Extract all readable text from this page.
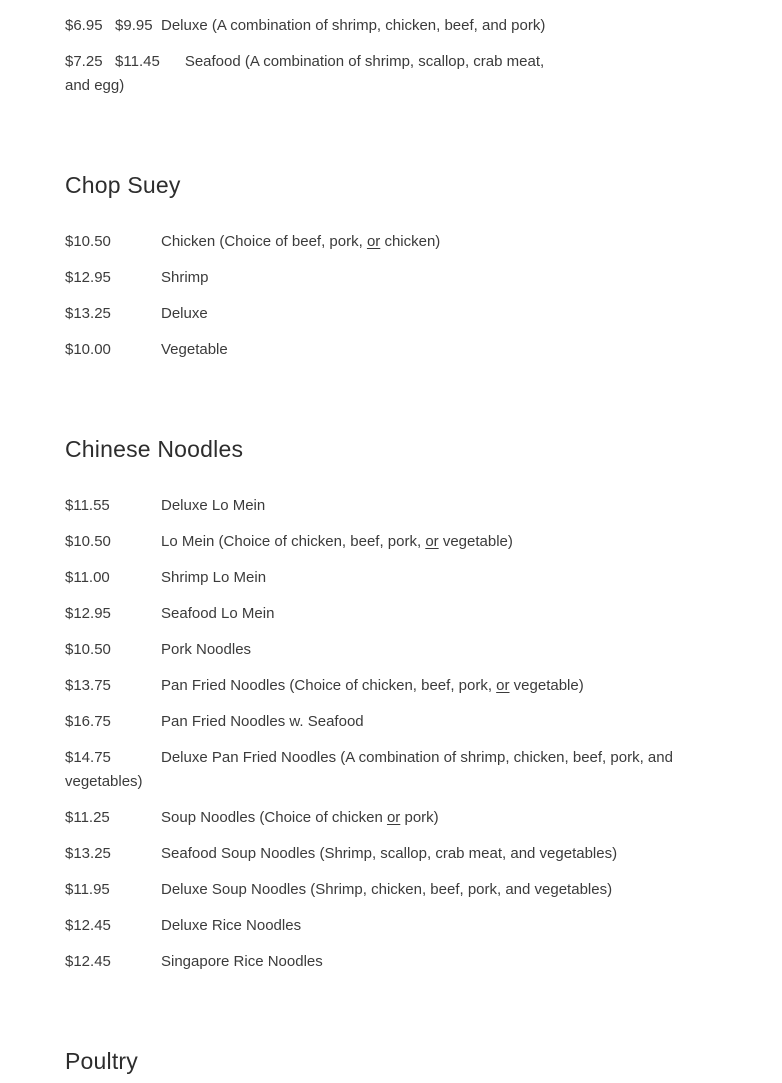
$6.95   $9.95 Deluxe (A combination of shrimp, chicken, beef, and pork)

$7.25   $11.45      Seafood (A combination of shrimp, scallop, crab meat,
and egg)

Chop Suey

$10.50	Chicken (Choice of beef, pork, or chicken)

$12.95	Shrimp

$13.25	Deluxe

$10.00	Vegetable

Chinese Noodles

$11.55	Deluxe Lo Mein

$10.50	Lo Mein (Choice of chicken, beef, pork, or vegetable)

$11.00	Shrimp Lo Mein

$12.95	Seafood Lo Mein

$10.50	Pork Noodles

$13.75	Pan Fried Noodles (Choice of chicken, beef, pork, or vegetable)

$16.75	Pan Fried Noodles w. Seafood

$14.75	Deluxe Pan Fried Noodles (A combination of shrimp, chicken, beef, pork, and
vegetables)

$11.25	Soup Noodles (Choice of chicken or pork)

$13.25	Seafood Soup Noodles (Shrimp, scallop, crab meat, and vegetables)

$11.95	Deluxe Soup Noodles (Shrimp, chicken, beef, pork, and vegetables)

$12.45	Deluxe Rice Noodles

$12.45	Singapore Rice Noodles

Poultry
